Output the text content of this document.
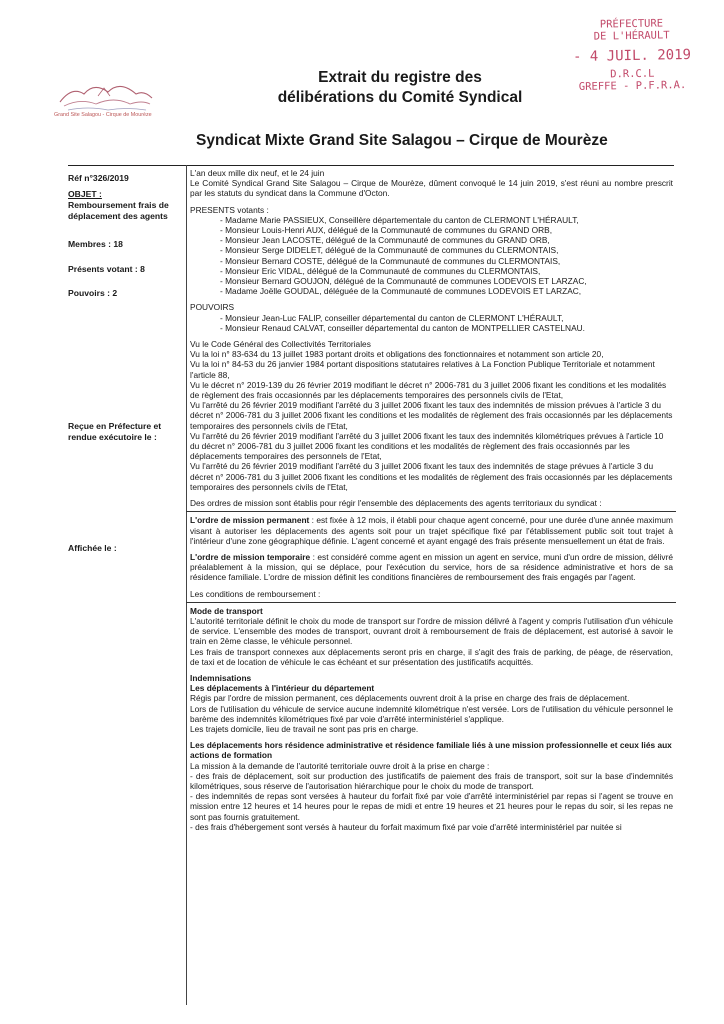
PRÉFECTURE
DE L'HÉRAULT
- 4 JUIL. 2019
D.R.C.L
GREFFE - P.F.R.A.
Grand Site Salagou - Cirque de Mourèze
Extrait du registre des
délibérations du Comité Syndical
Syndicat Mixte Grand Site Salagou – Cirque de Mourèze
Réf n°326/2019
OBJET :
Remboursement frais de déplacement des agents
Membres : 18
Présents votant : 8
Pouvoirs : 2
Reçue en Préfecture et rendue exécutoire le :
Affichée le :

L'an deux mille dix neuf, et le 24 juin

Le Comité Syndical Grand Site Salagou – Cirque de Mourèze, dûment convoqué le 14 juin 2019, s'est réuni au nombre prescrit par les statuts du syndicat dans la Commune d'Octon.

PRESENTS votants :

- Madame Marie PASSIEUX, Conseillère départementale du canton de CLERMONT L'HÉRAULT,
- Monsieur Louis-Henri AUX, délégué de la Communauté de communes du GRAND ORB,
- Monsieur Jean LACOSTE, délégué de la Communauté de communes du GRAND ORB,
- Monsieur Serge DIDELET, délégué de la Communauté de communes du CLERMONTAIS,
- Monsieur Bernard COSTE, délégué de la Communauté de communes du CLERMONTAIS,
- Monsieur Eric VIDAL, délégué de la Communauté de communes du CLERMONTAIS,
- Monsieur Bernard GOUJON, délégué de la Communauté de communes LODEVOIS ET LARZAC,
- Madame Joëlle GOUDAL, déléguée de la Communauté de communes LODEVOIS ET LARZAC,

POUVOIRS

- Monsieur Jean-Luc FALIP, conseiller départemental du canton de CLERMONT L'HÉRAULT,
- Monsieur Renaud CALVAT, conseiller départemental du canton de MONTPELLIER CASTELNAU.

Vu le Code Général des Collectivités Territoriales

Vu la loi n° 83-634 du 13 juillet 1983 portant droits et obligations des fonctionnaires et notamment son article 20,

Vu la loi n° 84-53 du 26 janvier 1984 portant dispositions statutaires relatives à La Fonction Publique Territoriale et notamment l'article 88,

Vu le décret n° 2019-139 du 26 février 2019 modifiant le décret n° 2006-781 du 3 juillet 2006 fixant les conditions et les modalités de règlement des frais occasionnés par les déplacements temporaires des personnels civils de l'Etat,

Vu l'arrêté du 26 février 2019 modifiant l'arrêté du 3 juillet 2006 fixant les taux des indemnités de mission prévues à l'article 3 du décret n° 2006-781 du 3 juillet 2006 fixant les conditions et les modalités de règlement des frais occasionnés par les déplacements temporaires des personnels civils de l'Etat,

Vu l'arrêté du 26 février 2019 modifiant l'arrêté du 3 juillet 2006 fixant les taux des indemnités kilométriques prévues à l'article 10 du décret n° 2006-781 du 3 juillet 2006 fixant les conditions et les modalités de règlement des frais occasionnés par les déplacements temporaires des personnels de l'Etat,

Vu l'arrêté du 26 février 2019 modifiant l'arrêté du 3 juillet 2006 fixant les taux des indemnités de stage prévues à l'article 3 du décret n° 2006-781 du 3 juillet 2006 fixant les conditions et les modalités de règlement des frais occasionnés par les déplacements temporaires des personnels civils de l'Etat,

Des ordres de mission sont établis pour régir l'ensemble des déplacements des agents territoriaux du syndicat :

L'ordre de mission permanent : est fixée à 12 mois, il établi pour chaque agent concerné, pour une durée d'une année maximum visant à autoriser les déplacements des agents soit pour un trajet spécifique fixé par l'établissement public soit tout trajet à l'intérieur d'une zone géographique définie. L'agent concerné et ayant engagé des frais présente mensuellement un état de frais.

L'ordre de mission temporaire : est considéré comme agent en mission un agent en service, muni d'un ordre de mission, délivré préalablement à la mission, qui se déplace, pour l'exécution du service, hors de sa résidence administrative et hors de sa résidence familiale. L'ordre de mission définit les conditions financières de remboursement des frais engagés par l'agent.

Les conditions de remboursement :

Mode de transport

L'autorité territoriale définit le choix du mode de transport sur l'ordre de mission délivré à l'agent y compris l'utilisation d'un véhicule de service. L'ensemble des modes de transport, ouvrant droit à remboursement de frais de déplacement, est autorisé à savoir le train en 2ème classe, le véhicule personnel.

Les frais de transport connexes aux déplacements seront pris en charge, il s'agit des frais de parking, de péage, de réservation, de taxi et de location de véhicule le cas échéant et sur présentation des justificatifs acquittés.

Indemnisations

Les déplacements à l'intérieur du département

Régis par l'ordre de mission permanent, ces déplacements ouvrent droit à la prise en charge des frais de déplacement.

Lors de l'utilisation du véhicule de service aucune indemnité kilométrique n'est versée. Lors de l'utilisation du véhicule personnel le barème des indemnités kilométriques fixé par voie d'arrêté interministériel s'applique.

Les trajets domicile, lieu de travail ne sont pas pris en charge.

Les déplacements hors résidence administrative et résidence familiale liés à une mission professionnelle et ceux liés aux actions de formation

La mission à la demande de l'autorité territoriale ouvre droit à la prise en charge :

- des frais de déplacement, soit sur production des justificatifs de paiement des frais de transport, soit sur la base d'indemnités kilométriques, sous réserve de l'autorisation hiérarchique pour le choix du mode de transport.

- des indemnités de repas sont versées à hauteur du forfait fixé par voie d'arrêté interministériel par repas si l'agent se trouve en mission entre 12 heures et 14 heures pour le repas de midi et entre 19 heures et 21 heures pour le repas du soir, si les repas ne sont pas fournis gratuitement.

- des frais d'hébergement sont versés à hauteur du forfait maximum fixé par voie d'arrêté interministériel par nuitée si
